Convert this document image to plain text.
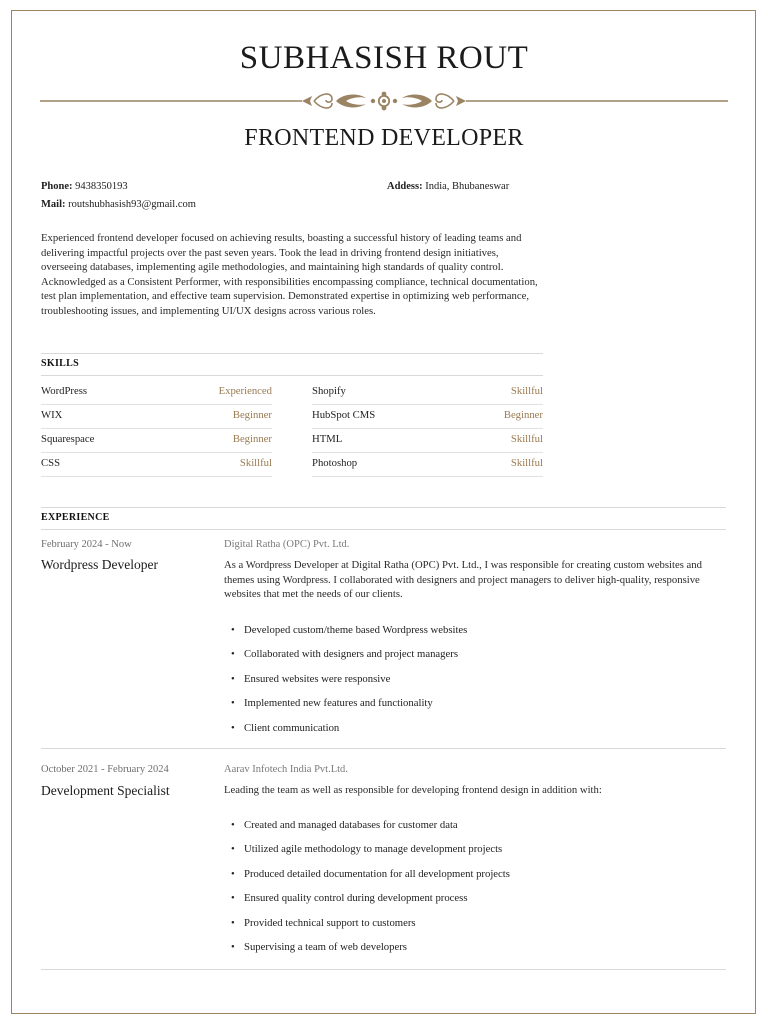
SUBHASISH ROUT
FRONTEND DEVELOPER
Phone: 9438350193	Addess: India, Bhubaneswar
Mail: routshubhasish93@gmail.com
Experienced frontend developer focused on achieving results, boasting a successful history of leading teams and delivering impactful projects over the past seven years. Took the lead in driving frontend design initiatives, overseeing databases, implementing agile methodologies, and maintaining high standards of quality control. Acknowledged as a Consistent Performer, with responsibilities encompassing compliance, technical documentation, test plan implementation, and effective team supervision. Demonstrated expertise in optimizing web performance, troubleshooting issues, and implementing UI/UX designs across various roles.
SKILLS
WordPress	Experienced
WIX	Beginner
Squarespace	Beginner
CSS	Skillful
Shopify	Skillful
HubSpot CMS	Beginner
HTML	Skillful
Photoshop	Skillful
EXPERIENCE
February 2024 - Now
Wordpress Developer
Digital Ratha (OPC) Pvt. Ltd.
As a Wordpress Developer at Digital Ratha (OPC) Pvt. Ltd., I was responsible for creating custom websites and themes using Wordpress. I collaborated with designers and project managers to deliver high-quality, responsive websites that met the needs of our clients.
• Developed custom/theme based Wordpress websites
• Collaborated with designers and project managers
• Ensured websites were responsive
• Implemented new features and functionality
• Client communication
October 2021 - February 2024
Development Specialist
Aarav Infotech India Pvt.Ltd.
Leading the team as well as responsible for developing frontend design in addition with:
• Created and managed databases for customer data
• Utilized agile methodology to manage development projects
• Produced detailed documentation for all development projects
• Ensured quality control during development process
• Provided technical support to customers
• Supervising a team of web developers
